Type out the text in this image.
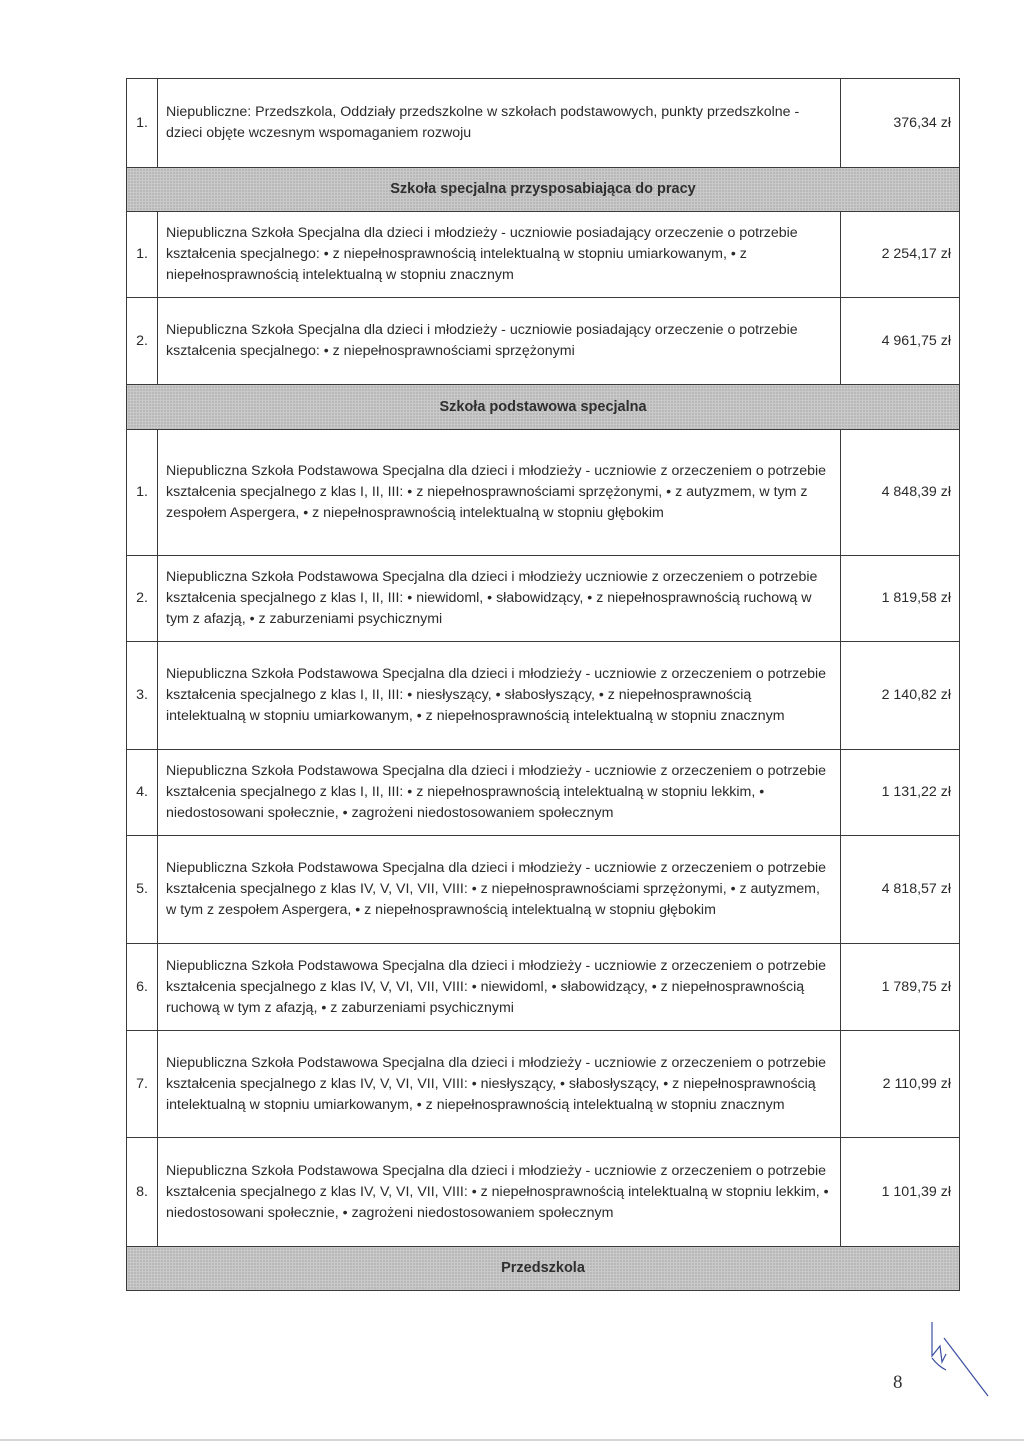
1.	Niepubliczne: Przedszkola, Oddziały przedszkolne w szkołach podstawowych, punkty przedszkolne - dzieci objęte wczesnym wspomaganiem rozwoju	376,34 zł
Szkoła specjalna przysposabiająca do pracy		
1.	Niepubliczna Szkoła Specjalna dla dzieci i młodzieży - uczniowie posiadający orzeczenie o potrzebie kształcenia specjalnego: • z niepełnosprawnością intelektualną w stopniu umiarkowanym, • z niepełnosprawnością intelektualną w stopniu znacznym	2 254,17 zł
2.	Niepubliczna Szkoła Specjalna dla dzieci i młodzieży - uczniowie posiadający orzeczenie o potrzebie kształcenia specjalnego: • z niepełnosprawnościami sprzężonymi	4 961,75 zł
Szkoła podstawowa specjalna		
1.	Niepubliczna Szkoła Podstawowa Specjalna dla dzieci i młodzieży - uczniowie z orzeczeniem o potrzebie kształcenia specjalnego z klas I, II, III: • z niepełnosprawnościami sprzężonymi, • z autyzmem, w tym z zespołem Aspergera, • z niepełnosprawnością intelektualną w stopniu głębokim	4 848,39 zł
2.	Niepubliczna Szkoła Podstawowa Specjalna dla dzieci i młodzieży uczniowie z orzeczeniem o potrzebie kształcenia specjalnego z klas I, II, III: • niewidoml, • słabowidzący, • z niepełnosprawnością ruchową w tym z afazją, • z zaburzeniami psychicznymi	1 819,58 zł
3.	Niepubliczna Szkoła Podstawowa Specjalna dla dzieci i młodzieży - uczniowie z orzeczeniem o potrzebie kształcenia specjalnego z klas I, II, III: • niesłyszący, • słabosłyszący, • z niepełnosprawnością intelektualną w stopniu umiarkowanym, • z niepełnosprawnością intelektualną w stopniu znacznym	2 140,82 zł
4.	Niepubliczna Szkoła Podstawowa Specjalna dla dzieci i młodzieży - uczniowie z orzeczeniem o potrzebie kształcenia specjalnego z klas I, II, III: • z niepełnosprawnością intelektualną w stopniu lekkim, • niedostosowani społecznie, • zagrożeni niedostosowaniem społecznym	1 131,22 zł
5.	Niepubliczna Szkoła Podstawowa Specjalna dla dzieci i młodzieży - uczniowie z orzeczeniem o potrzebie kształcenia specjalnego z klas IV, V, VI, VII, VIII: • z niepełnosprawnościami sprzężonymi, • z autyzmem, w tym z zespołem Aspergera, • z niepełnosprawnością intelektualną w stopniu głębokim	4 818,57 zł
6.	Niepubliczna Szkoła Podstawowa Specjalna dla dzieci i młodzieży - uczniowie z orzeczeniem o potrzebie kształcenia specjalnego z klas IV, V, VI, VII, VIII: • niewidoml, • słabowidzący, • z niepełnosprawnością ruchową w tym z afazją, • z zaburzeniami psychicznymi	1 789,75 zł
7.	Niepubliczna Szkoła Podstawowa Specjalna dla dzieci i młodzieży - uczniowie z orzeczeniem o potrzebie kształcenia specjalnego z klas IV, V, VI, VII, VIII: • niesłyszący, • słabosłyszący, • z niepełnosprawnością intelektualną w stopniu umiarkowanym, • z niepełnosprawnością intelektualną w stopniu znacznym	2 110,99 zł
8.	Niepubliczna Szkoła Podstawowa Specjalna dla dzieci i młodzieży - uczniowie z orzeczeniem o potrzebie kształcenia specjalnego z klas IV, V, VI, VII, VIII: • z niepełnosprawnością intelektualną w stopniu lekkim, • niedostosowani społecznie, • zagrożeni niedostosowaniem społecznym	1 101,39 zł
Przedszkola		
8
